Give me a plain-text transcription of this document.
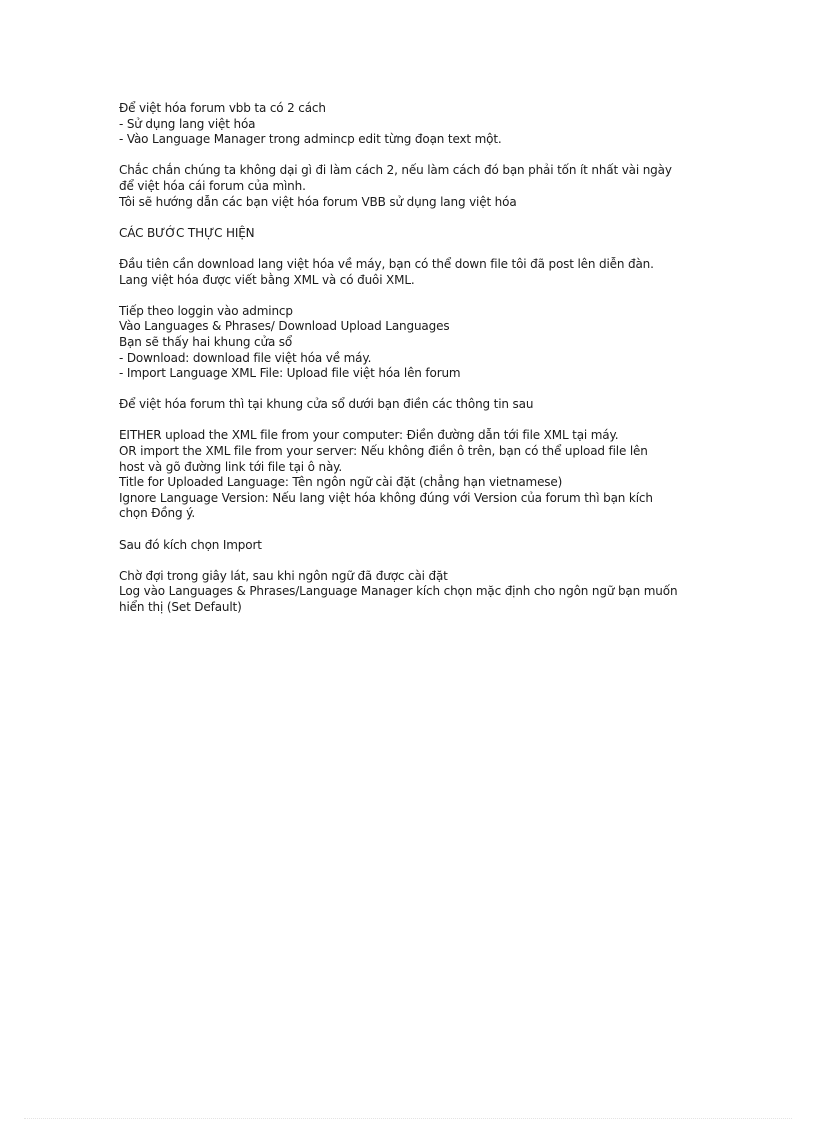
Để việt hóa forum vbb ta có 2 cách
- Sử dụng lang việt hóa
- Vào Language Manager trong admincp edit từng đoạn text một.
Chắc chắn chúng ta không dại gì đi làm cách 2, nếu làm cách đó bạn phải tốn ít nhất vài ngày
để việt hóa cái forum của mình.
Tôi sẽ hướng dẫn các bạn việt hóa forum VBB sử dụng lang việt hóa
CÁC BƯỚC THỰC HIỆN
Đầu tiên cần download lang việt hóa về máy, bạn có thể down file tôi đã post lên diễn đàn.
Lang việt hóa được viết bằng XML và có đuôi XML.
Tiếp theo loggin vào admincp
Vào Languages & Phrases/ Download Upload Languages
Bạn sẽ thấy hai khung cửa sổ
- Download: download file việt hóa về máy.
- Import Language XML File: Upload file việt hóa lên forum
Để việt hóa forum thì tại khung cửa sổ dưới bạn điền các thông tin sau
EITHER upload the XML file from your computer: Điền đường dẫn tới file XML tại máy.
OR import the XML file from your server: Nếu không điền ô trên, bạn có thể upload file lên
host và gõ đường link tới file tại ô này.
Title for Uploaded Language: Tên ngôn ngữ cài đặt (chẳng hạn vietnamese)
Ignore Language Version: Nếu lang việt hóa không đúng với Version của forum thì bạn kích
chọn Đồng ý.
Sau đó kích chọn Import
Chờ đợi trong giây lát, sau khi ngôn ngữ đã được cài đặt
Log vào Languages & Phrases/Language Manager kích chọn mặc định cho ngôn ngữ bạn muốn
hiển thị (Set Default)
